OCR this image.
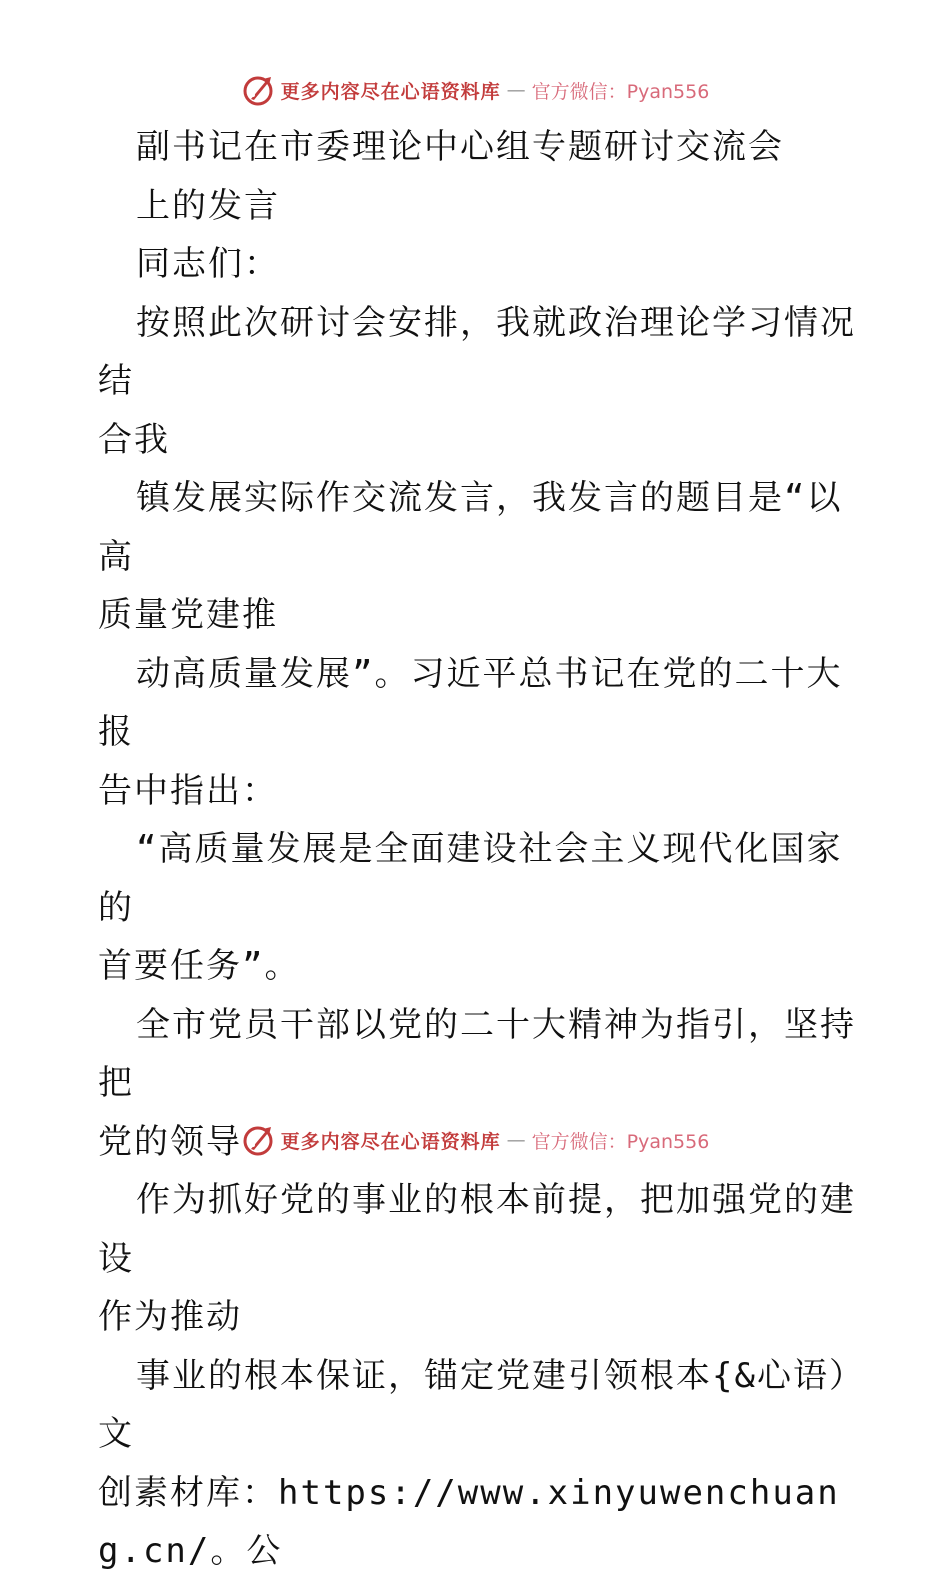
更多内容尽在心语资料库 — 官方微信：Pyan556

副书记在市委理论中心组专题研讨交流会
上的发言
同志们：
按照此次研讨会安排，我就政治理论学习情况结
合我
镇发展实际作交流发言，我发言的题目是“以高
质量党建推
动高质量发展”。习近平总书记在党的二十大报
告中指出：
“高质量发展是全面建设社会主义现代化国家的
首要任务”。
全市党员干部以党的二十大精神为指引，坚持把
党的领导
作为抓好党的事业的根本前提，把加强党的建设
作为推动
事业的根本保证，锚定党建引领根本{&心语）文
创素材库：https://www.xinyuwenchuang.cn/。公

更多内容尽在心语资料库 — 官方微信：Pyan556
